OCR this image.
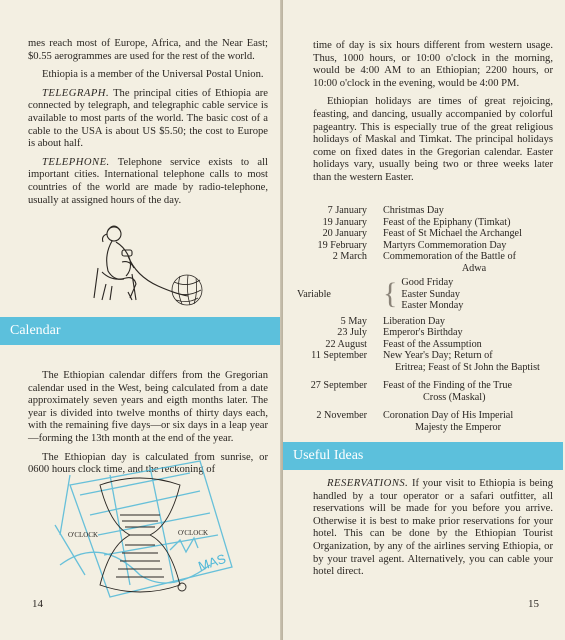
mes reach most of Europe, Africa, and the Near East; $0.55 aerogrammes are used for the rest of the world.

Ethiopia is a member of the Universal Postal Union.

TELEGRAPH. The principal cities of Ethiopia are connected by telegraph, and telegraphic cable service is available to most parts of the world. The basic cost of a cable to the USA is about US $5.50; the cost to Europe is about half.

TELEPHONE. Telephone service exists to all important cities. International telephone calls to most countries of the world are made by radio-telephone, usually at assigned hours of the day.

Calendar

The Ethiopian calendar differs from the Gregorian calendar used in the West, being calculated from a date approximately seven years and eigth months later. The year is divided into twelve months of thirty days each, with the remaining five days—or six days in a leap year—forming the 13th month at the end of the year.

The Ethiopian day is calculated from sunrise, or 0600 hours clock time, and the reckoning of

O'CLOCK	O'CLOCK
MAS
14

time of day is six hours different from western usage. Thus, 1000 hours, or 10:00 o'clock in the morning, would be 4:00 AM to an Ethiopian; 2200 hours, or 10:00 o'clock in the evening, would be 4:00 PM.

Ethiopian holidays are times of great rejoicing, feasting, and dancing, usually accompanied by colorful pageantry. This is especially true of the great religious holidays of Maskal and Timkat. The principal holidays come on fixed dates in the Gregorian calendar. Easter holidays vary, usually being two or three weeks later than the western Easter.

7 January	Christmas Day
19 January	Feast of the Epiphany (Timkat)
20 January	Feast of St Michael the Archangel
19 February	Martyrs Commemoration Day
2 March	Commemoration of the Battle of
Adwa
Variable	{ Good Friday
Easter Sunday
Easter Monday
5 May	Liberation Day
23 July	Emperor's Birthday
22 August	Feast of the Assumption
11 September	New Year's Day; Return of
Eritrea; Feast of St John the Baptist
27 September	Feast of the Finding of the True
Cross (Maskal)
2 November	Coronation Day of His Imperial
Majesty the Emperor
Useful Ideas

RESERVATIONS. If your visit to Ethiopia is being handled by a tour operator or a safari outfitter, all reservations will be made for you before you arrive. Otherwise it is best to make prior reservations for your hotel. This can be done by the Ethiopian Tourist Organization, by any of the airlines serving Ethiopia, or by your travel agent. Alternatively, you can cable your hotel direct.

15
